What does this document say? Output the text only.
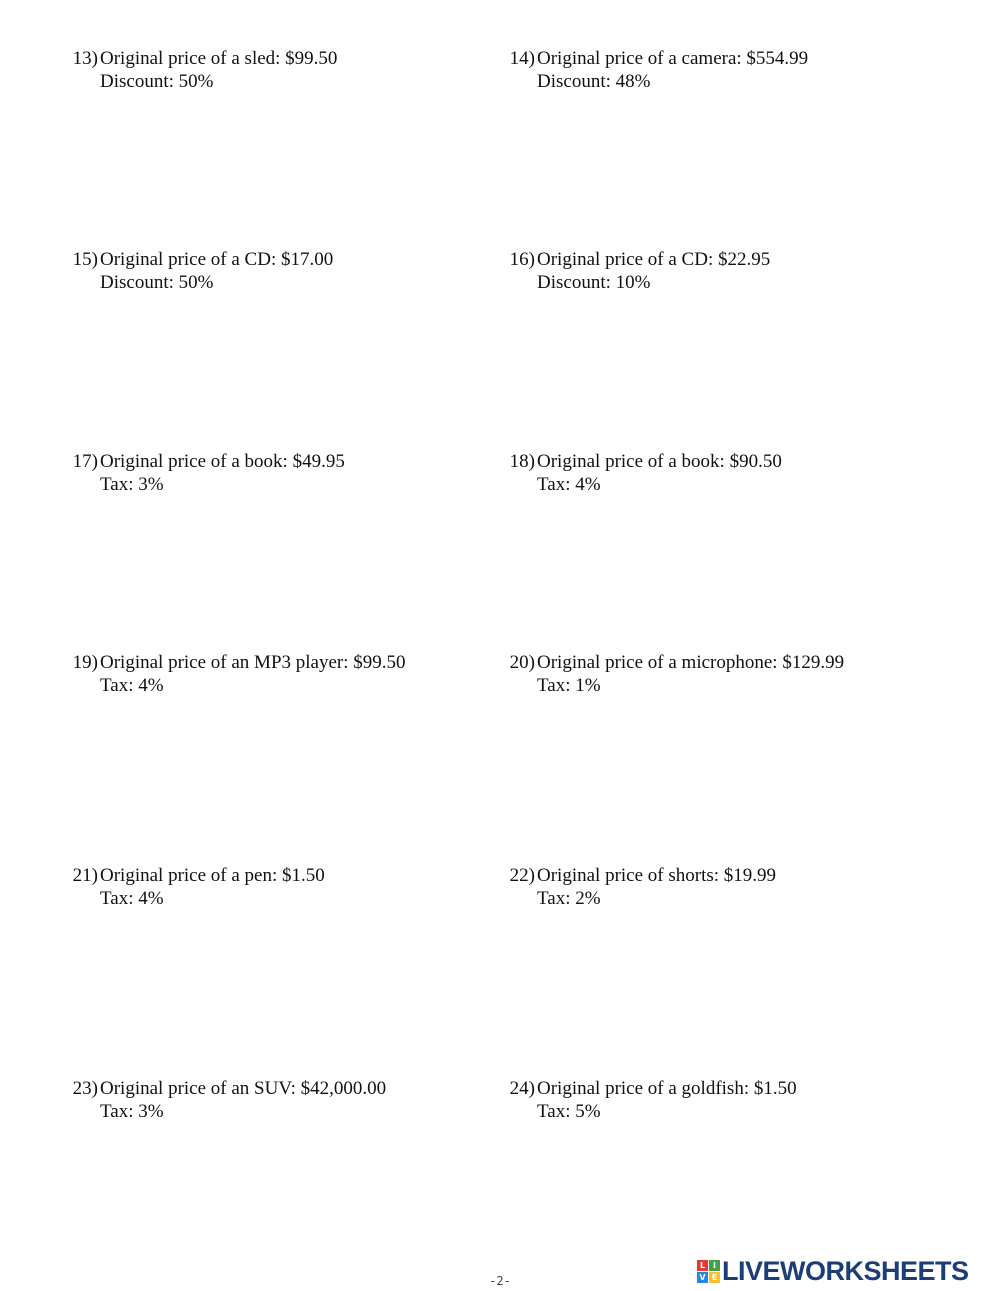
13) Original price of a sled: $99.50
Discount: 50%
14) Original price of a camera: $554.99
Discount: 48%
15) Original price of a CD: $17.00
Discount: 50%
16) Original price of a CD: $22.95
Discount: 10%
17) Original price of a book: $49.95
Tax: 3%
18) Original price of a book: $90.50
Tax: 4%
19) Original price of an MP3 player: $99.50
Tax: 4%
20) Original price of a microphone: $129.99
Tax: 1%
21) Original price of a pen: $1.50
Tax: 4%
22) Original price of shorts: $19.99
Tax: 2%
23) Original price of an SUV: $42,000.00
Tax: 3%
24) Original price of a goldfish: $1.50
Tax: 5%
-2-
L I
V E LIVEWORKSHEETS
